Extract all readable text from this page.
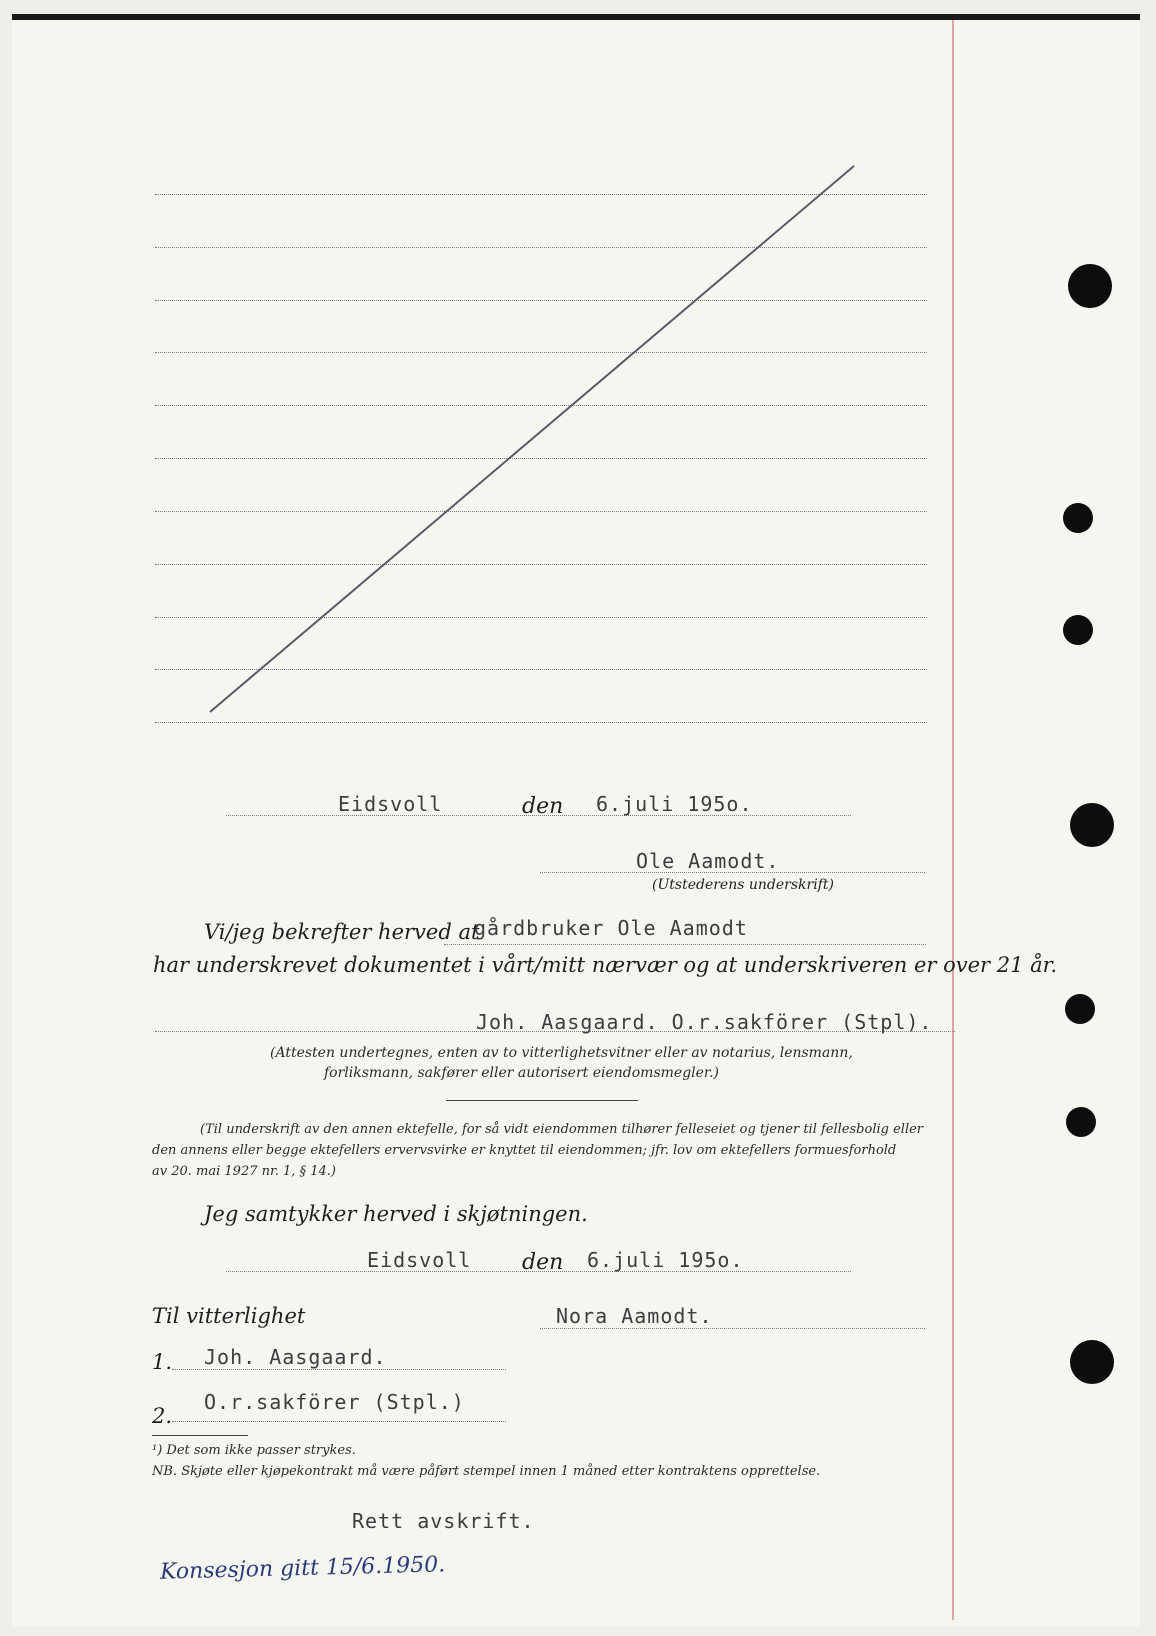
Eidsvoll	den 6.juli 195o.
Ole Aamodt.
(Utstederens underskrift)
Vi/jeg bekrefter herved at
gårdbruker Ole Aamodt
har underskrevet dokumentet i vårt/mitt nærvær og at underskriveren er over 21 år.
Joh. Aasgaard. O.r.sakförer (Stpl).
(Attesten undertegnes, enten av to vitterlighetsvitner eller av notarius, lensmann,
forliksmann, sakfører eller autorisert eiendomsmegler.)
(Til underskrift av den annen ektefelle, for så vidt eiendommen tilhører felleseiet og tjener til fellesbolig eller
den annens eller begge ektefellers ervervsvirke er knyttet til eiendommen; jfr. lov om ektefellers formuesforhold
av 20. mai 1927 nr. 1, § 14.)
Jeg samtykker herved i skjøtningen.
Eidsvoll den 6.juli 195o.
Til vitterlighet	Nora Aamodt.
1. Joh. Aasgaard.
2.
O.r.sakförer (Stpl.)
¹) Det som ikke passer strykes.
NB. Skjøte eller kjøpekontrakt må være påført stempel innen 1 måned etter kontraktens opprettelse.
Rett avskrift.
Konsesjon gitt 15/6.1950.
